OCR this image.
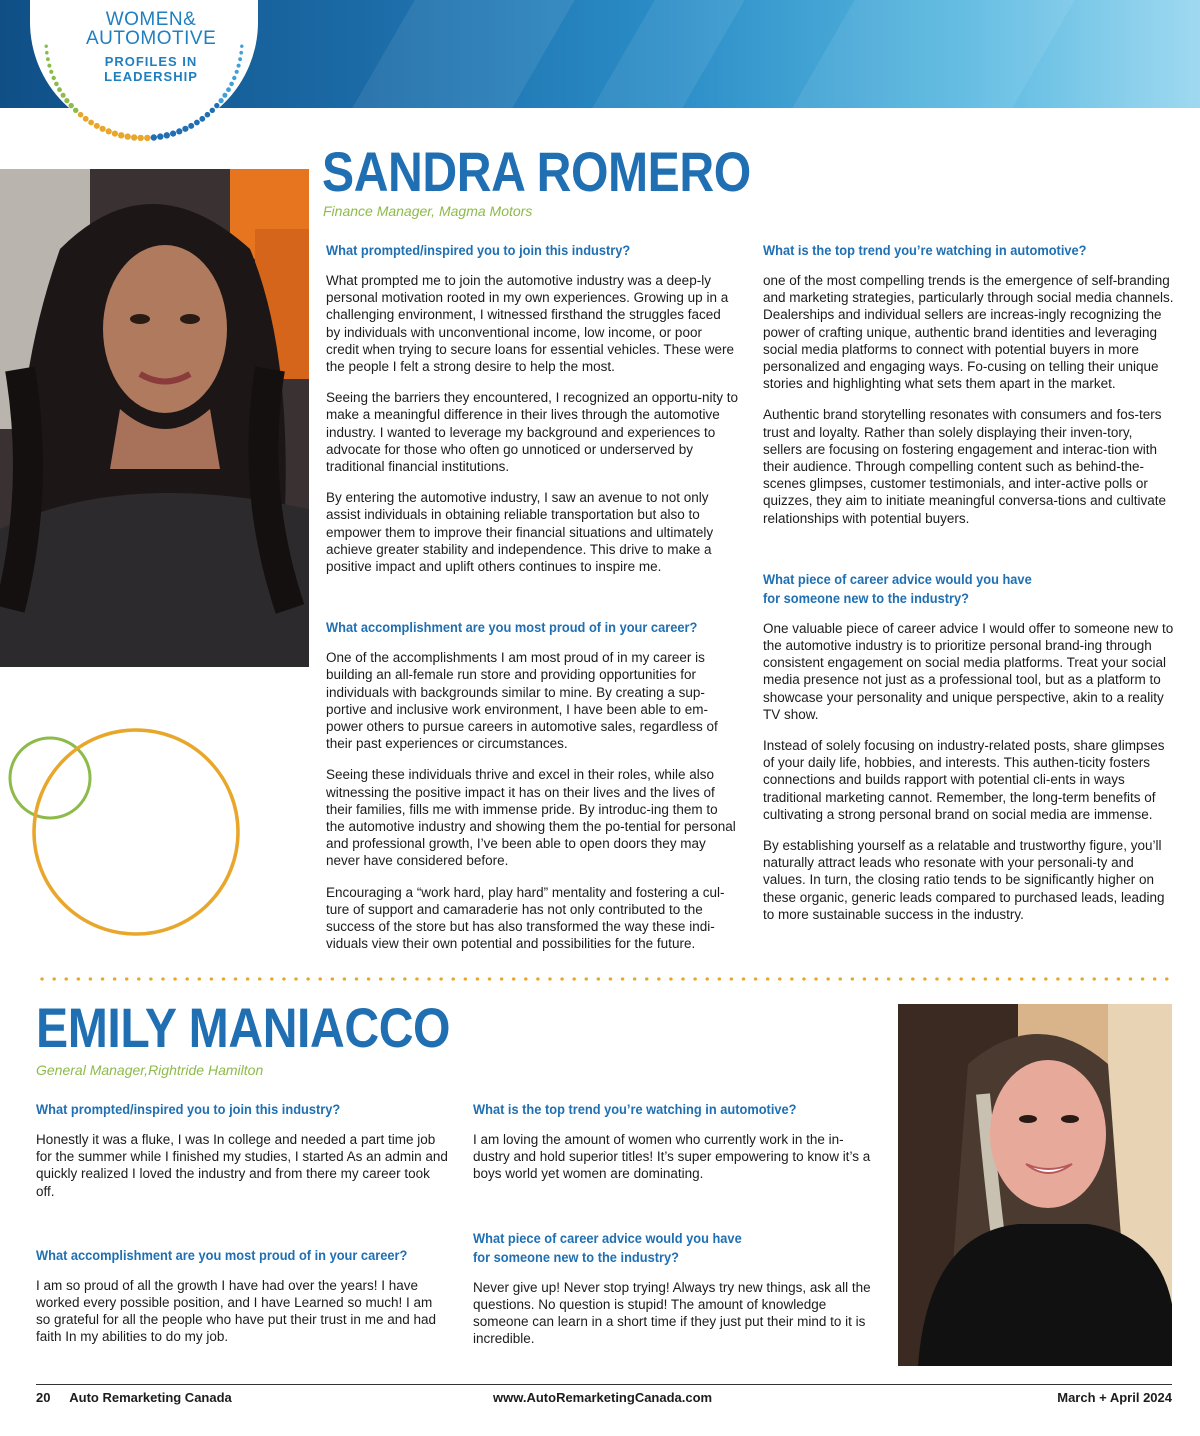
WOMEN&
AUTOMOTIVE
PROFILES IN
LEADERSHIP
SANDRA ROMERO
Finance Manager, Magma Motors
What prompted/inspired you to join this industry?
What prompted me to join the automotive industry was a deep-ly personal motivation rooted in my own experiences. Growing up in a challenging environment, I witnessed firsthand the struggles faced by individuals with unconventional income, low income, or poor credit when trying to secure loans for essential vehicles. These were the people I felt a strong desire to help the most.
Seeing the barriers they encountered, I recognized an opportu-nity to make a meaningful difference in their lives through the automotive industry. I wanted to leverage my background and experiences to advocate for those who often go unnoticed or underserved by traditional financial institutions.
By entering the automotive industry, I saw an avenue to not only assist individuals in obtaining reliable transportation but also to empower them to improve their financial situations and ultimately achieve greater stability and independence. This drive to make a positive impact and uplift others continues to inspire me.
What accomplishment are you most proud of in your career?
One of the accomplishments I am most proud of in my career is building an all-female run store and providing opportunities for individuals with backgrounds similar to mine. By creating a sup-portive and inclusive work environment, I have been able to em-power others to pursue careers in automotive sales, regardless of their past experiences or circumstances.
Seeing these individuals thrive and excel in their roles, while also witnessing the positive impact it has on their lives and the lives of their families, fills me with immense pride. By introduc-ing them to the automotive industry and showing them the po-tential for personal and professional growth, I’ve been able to open doors they may never have considered before.
Encouraging a “work hard, play hard” mentality and fostering a cul-ture of support and camaraderie has not only contributed to the success of the store but has also transformed the way these indi-viduals view their own potential and possibilities for the future.
What is the top trend you’re watching in automotive?
one of the most compelling trends is the emergence of self-branding and marketing strategies, particularly through social media channels. Dealerships and individual sellers are increas-ingly recognizing the power of crafting unique, authentic brand identities and leveraging social media platforms to connect with potential buyers in more personalized and engaging ways. Fo-cusing on telling their unique stories and highlighting what sets them apart in the market.
Authentic brand storytelling resonates with consumers and fos-ters trust and loyalty. Rather than solely displaying their inven-tory, sellers are focusing on fostering engagement and interac-tion with their audience. Through compelling content such as behind-the-scenes glimpses, customer testimonials, and inter-active polls or quizzes, they aim to initiate meaningful conversa-tions and cultivate relationships with potential buyers.
What piece of career advice would you have
for someone new to the industry?
One valuable piece of career advice I would offer to someone new to the automotive industry is to prioritize personal brand-ing through consistent engagement on social media platforms. Treat your social media presence not just as a professional tool, but as a platform to showcase your personality and unique perspective, akin to a reality TV show.
Instead of solely focusing on industry-related posts, share glimpses of your daily life, hobbies, and interests. This authen-ticity fosters connections and builds rapport with potential cli-ents in ways traditional marketing cannot. Remember, the long-term benefits of cultivating a strong personal brand on social media are immense.
By establishing yourself as a relatable and trustworthy figure, you’ll naturally attract leads who resonate with your personali-ty and values. In turn, the closing ratio tends to be significantly higher on these organic, generic leads compared to purchased leads, leading to more sustainable success in the industry.
EMILY MANIACCO
General Manager,Rightride Hamilton
What prompted/inspired you to join this industry?
Honestly it was a fluke, I was In college and needed a part time job for the summer while I finished my studies, I started As an admin and quickly realized I loved the industry and from there my career took off.
What accomplishment are you most proud of in your career?
I am so proud of all the growth I have had over the years! I have worked every possible position, and I have Learned so much! I am so grateful for all the people who have put their trust in me and had faith In my abilities to do my job.
What is the top trend you’re watching in automotive?
I am loving the amount of women who currently work in the in-dustry and hold superior titles! It’s super empowering to know it’s a boys world yet women are dominating.
What piece of career advice would you have
for someone new to the industry?
Never give up! Never stop trying! Always try new things, ask all the questions. No question is stupid! The amount of knowledge someone can learn in a short time if they just put their mind to it is incredible.
20 Auto Remarketing Canada	www.AutoRemarketingCanada.com	March + April 2024
